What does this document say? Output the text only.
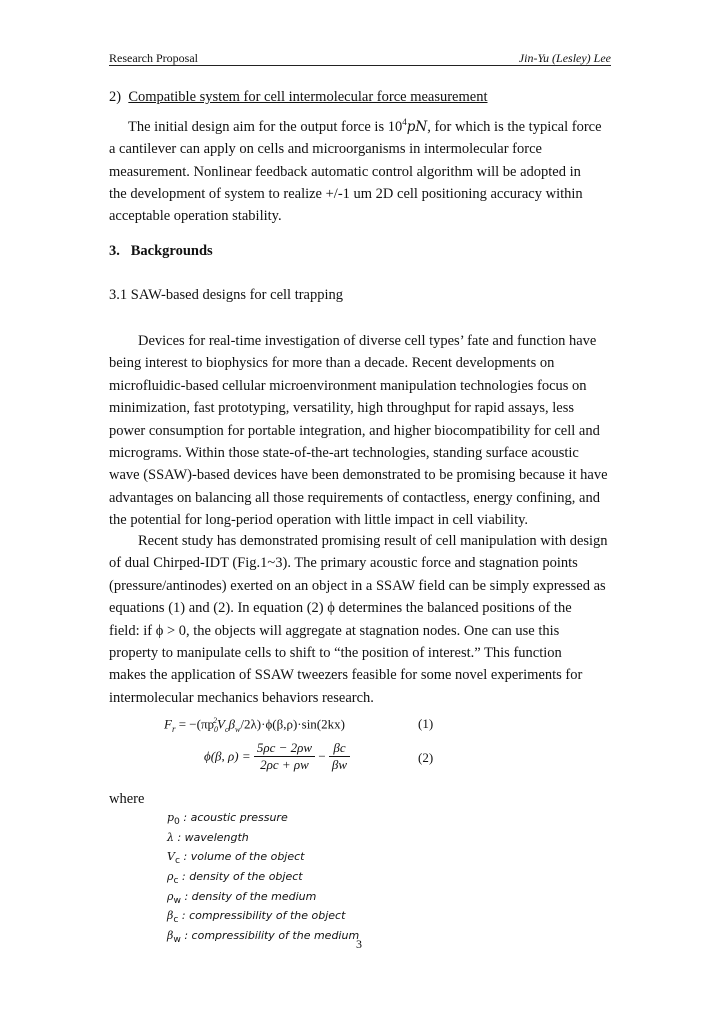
Research Proposal	Jin-Yu (Lesley) Lee
2) Compatible system for cell intermolecular force measurement
The initial design aim for the output force is $10^4pN$, for which is the typical force
a cantilever can apply on cells and microorganisms in intermolecular force
measurement. Nonlinear feedback automatic control algorithm will be adopted in
the development of system to realize +/-1 um 2D cell positioning accuracy within
acceptable operation stability.
3. Backgrounds
3.1 SAW-based designs for cell trapping
Devices for real-time investigation of diverse cell types’ fate and function have
being interest to biophysics for more than a decade. Recent developments on
microfluidic-based cellular microenvironment manipulation technologies focus on
minimization, fast prototyping, versatility, high throughput for rapid assays, less
power consumption for portable integration, and higher biocompatibility for cell and
micrograms. Within those state-of-the-art technologies, standing surface acoustic
wave (SSAW)-based devices have been demonstrated to be promising because it have
advantages on balancing all those requirements of contactless, energy confining, and
the potential for long-period operation with little impact in cell viability.
Recent study has demonstrated promising result of cell manipulation with design
of dual Chirped-IDT (Fig.1~3). The primary acoustic force and stagnation points
(pressure/antinodes) exerted on an object in a SSAW field can be simply expressed as
equations (1) and (2). In equation (2) ϕ determines the balanced positions of the
field: if ϕ > 0, the objects will aggregate at stagnation nodes. One can use this
property to manipulate cells to shift to “the position of interest.” This function
makes the application of SSAW tweezers feasible for some novel experiments for
intermolecular mechanics behaviors research.
$F_r = -(\pi p_0^2V_c\beta_w/2\lambda)\cdot\phi(\beta,\rho)\cdot\sin(2kx)$	(1)
ϕ(β, $\rho) = \frac{5\rho c - 2\rho w}{2\rho c + \rho w} - \frac{\beta c}{\beta w}$	(2)
where
$p_0$ : acoustic pressure
λ : wavelength
$V_c$ : volume of the object
$\rho_c$ : density of the object
$\rho_w$ : density of the medium
$\beta_c$ : compressibility of the object
$\beta_w$ : compressibility of the medium
3
